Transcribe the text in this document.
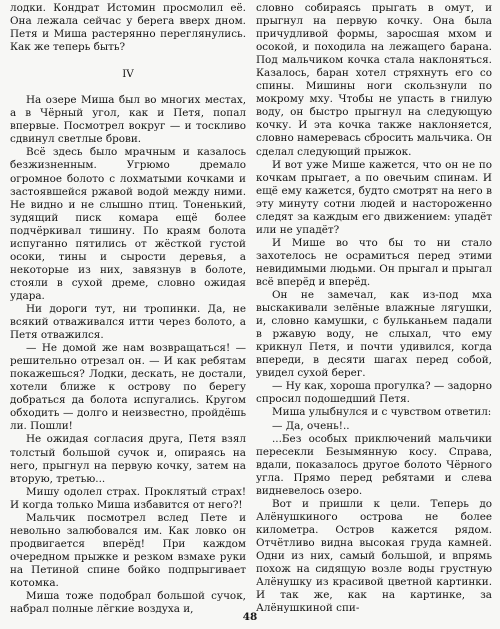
лодки. Кондрат Истомин просмолил её. Она лежала сейчас у берега вверх дном. Петя и Миша растерянно переглянулись. Как же теперь быть?

IV

На озере Миша был во многих местах, а в Чёрный угол, как и Петя, попал впервые. Посмотрел вокруг — и тоскливо сдвинул светлые брови.

Всё здесь было мрачным и казалось безжизненным. Угрюмо дремало огромное болото с лохматыми кочками и застоявшейся ржавой водой между ними. Не видно и не слышно птиц. Тоненький, зудящий писк комара ещё более подчёркивал тишину. По краям болота испуганно пятились от жёсткой густой осоки, тины и сырости деревья, а некоторые из них, завязнув в болоте, стояли в сухой дреме, словно ожидая удара.

Ни дороги тут, ни тропинки. Да, не всякий отваживался итти через болото, а Петя отважился.

— Не домой же нам возвращаться! — решительно отрезал он. — И как ребятам покажешься? Лодки, дескать, не достали, хотели ближе к острову по берегу добраться да болота испугались. Кругом обходить — долго и неизвестно, пройдёшь ли. Пошли!

Не ожидая согласия друга, Петя взял толстый большой сучок и, опираясь на него, прыгнул на первую кочку, затем на вторую, третью...

Мишу одолел страх. Проклятый страх! И когда только Миша избавится от него?!

Мальчик посмотрел вслед Пете и невольно залюбовался им. Как ловко он продвигается вперёд! При каждом очередном прыжке и резком взмахе руки на Петиной спине бойко подпрыгивает котомка.

Миша тоже подобрал большой сучок, набрал полные лёгкие воздуха и,

словно собираясь прыгать в омут, и прыгнул на первую кочку. Она была причудливой формы, заросшая мхом и осокой, и походила на лежащего барана. Под мальчиком кочка стала наклоняться. Казалось, баран хотел стряхнуть его со спины. Мишины ноги скользнули по мокрому мху. Чтобы не упасть в гнилую воду, он быстро прыгнул на следующую кочку. И эта кочка также наклоняется, словно намеревась сбросить мальчика. Он сделал следующий прыжок.

И вот уже Мише кажется, что он не по кочкам прыгает, а по овечьим спинам. И ещё ему кажется, будто смотрят на него в эту минуту сотни людей и настороженно следят за каждым его движением: упадёт или не упадёт?

И Мише во что бы то ни стало захотелось не осрамиться перед этими невидимыми людьми. Он прыгал и прыгал всё вперёд и вперёд.

Он не замечал, как из-под мха выскакивали зелёные влажные лягушки, и, словно камушки, с бульканьем падали в ржавую воду, не слыхал, что ему крикнул Петя, и почти удивился, когда впереди, в десяти шагах перед собой, увидел сухой берег.

— Ну как, хороша прогулка? — задорно спросил подошедший Петя.

Миша улыбнулся и с чувством ответил:

— Да, очень!..

...Без особых приключений мальчики пересекли Безымянную косу. Справа, вдали, показалось другое болото Чёрного угла. Прямо перед ребятами и слева видневелось озеро.

Вот и пришли к цели. Теперь до Алёнушкиного острова не более километра. Остров кажется рядом. Отчётливо видна высокая груда камней. Одни из них, самый большой, и впрямь похож на сидящую возле воды грустную Алёнушку из красивой цветной картинки. И так же, как на картинке, за Алёнушкиной спи-

48
